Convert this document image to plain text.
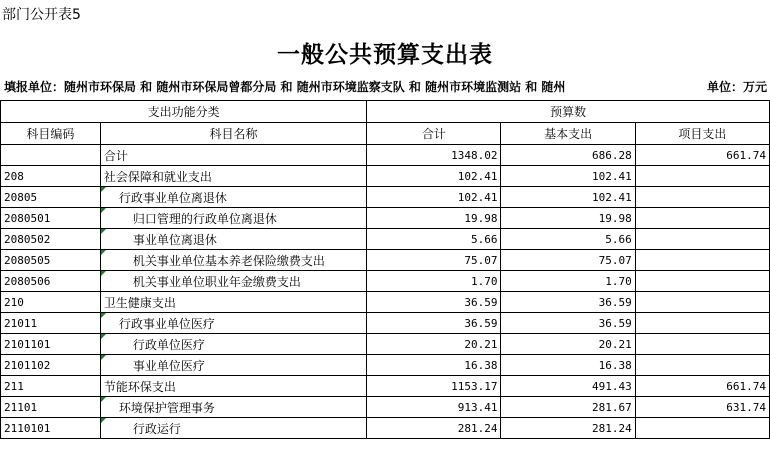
部门公开表5
一般公共预算支出表
填报单位：随州市环保局 和 随州市环保局曾都分局 和 随州市环境监察支队 和 随州市环境监测站 和 随州	单位：万元
支出功能分类		预算数		
科目编码	科目名称	合计	基本支出	项目支出
	合计	1348.02	686.28	661.74
208	社会保障和就业支出	102.41	102.41	
20805	行政事业单位离退休	102.41	102.41	
2080501	归口管理的行政单位离退休	19.98	19.98	
2080502	事业单位离退休	5.66	5.66	
2080505	机关事业单位基本养老保险缴费支出	75.07	75.07	
2080506	机关事业单位职业年金缴费支出	1.70	1.70	
210	卫生健康支出	36.59	36.59	
21011	行政事业单位医疗	36.59	36.59	
2101101	行政单位医疗	20.21	20.21	
2101102	事业单位医疗	16.38	16.38	
211	节能环保支出	1153.17	491.43	661.74
21101	环境保护管理事务	913.41	281.67	631.74
2110101	行政运行	281.24	281.24	
